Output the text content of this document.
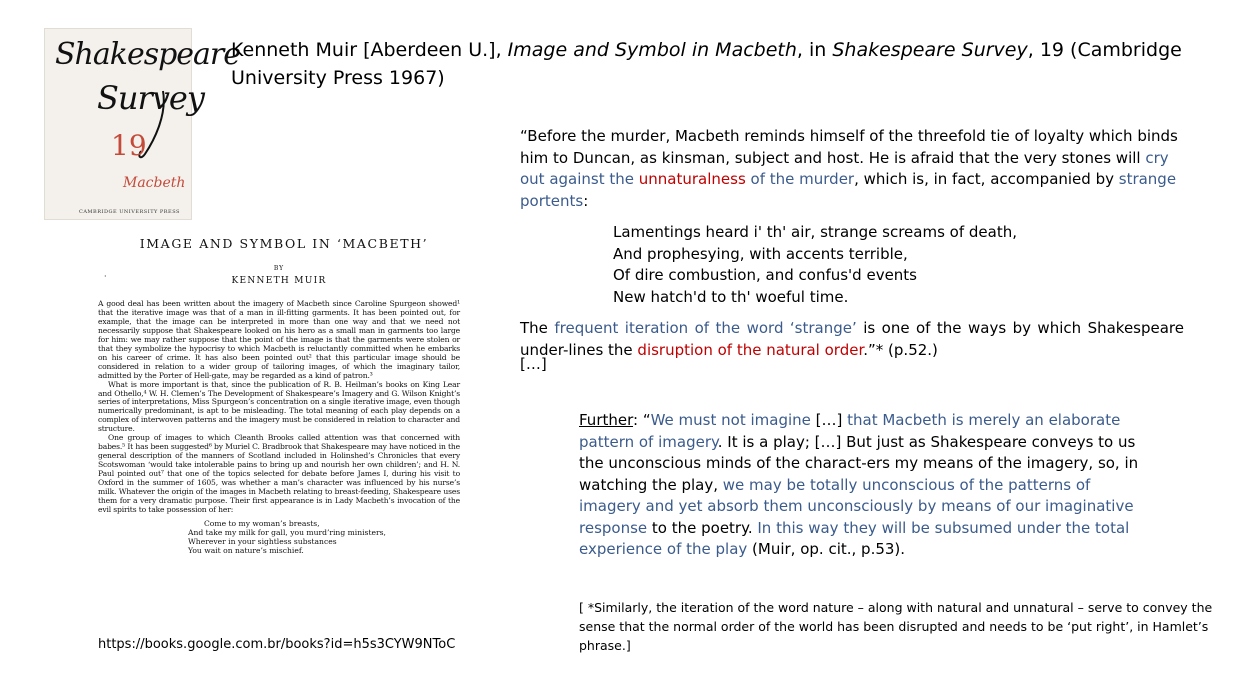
Shakespeare
Survey
19
Macbeth
CAMBRIDGE UNIVERSITY PRESS
Kenneth Muir [Aberdeen U.], Image and Symbol in Macbeth, in Shakespeare Survey, 19 (Cambridge University Press 1967)
IMAGE AND SYMBOL IN ‘MACBETH’
BY
KENNETH MUIR
·

A good deal has been written about the imagery of Macbeth since Caroline Spurgeon showed¹ that the iterative image was that of a man in ill-fitting garments. It has been pointed out, for example, that the image can be interpreted in more than one way and that we need not necessarily suppose that Shakespeare looked on his hero as a small man in garments too large for him: we may rather suppose that the point of the image is that the garments were stolen or that they symbolize the hypocrisy to which Macbeth is reluctantly committed when he embarks on his career of crime. It has also been pointed out² that this particular image should be considered in relation to a wider group of tailoring images, of which the imaginary tailor, admitted by the Porter of Hell-gate, may be regarded as a kind of patron.³

What is more important is that, since the publication of R. B. Heilman’s books on King Lear and Othello,⁴ W. H. Clemen’s The Development of Shakespeare’s Imagery and G. Wilson Knight’s series of interpretations, Miss Spurgeon’s concentration on a single iterative image, even though numerically predominant, is apt to be misleading. The total meaning of each play depends on a complex of interwoven patterns and the imagery must be considered in relation to character and structure.

One group of images to which Cleanth Brooks called attention was that concerned with babes.⁵ It has been suggested⁶ by Muriel C. Bradbrook that Shakespeare may have noticed in the general description of the manners of Scotland included in Holinshed’s Chronicles that every Scotswoman ‘would take intolerable pains to bring up and nourish her own children’; and H. N. Paul pointed out⁷ that one of the topics selected for debate before James I, during his visit to Oxford in the summer of 1605, was whether a man’s character was influenced by his nurse’s milk. Whatever the origin of the images in Macbeth relating to breast-feeding, Shakespeare uses them for a very dramatic purpose. Their first appearance is in Lady Macbeth’s invocation of the evil spirits to take possession of her:

Come to my woman’s breasts,
And take my milk for gall, you murd’ring ministers,
Wherever in your sightless substances
You wait on nature’s mischief.
https://books.google.com.br/books?id=h5s3CYW9NToC
“Before the murder, Macbeth reminds himself of the threefold tie of loyalty which binds him to Duncan, as kinsman, subject and host. He is afraid that the very stones will cry out against the unnaturalness of the murder, which is, in fact, accompanied by strange portents:
Lamentings heard i' th' air, strange screams of death,
And prophesying, with accents terrible,
Of dire combustion, and confus'd events
New hatch'd to th' woeful time.
The frequent iteration of the word ‘strange’ is one of the ways by which Shakespeare under-lines the disruption of the natural order.”* (p.52.)
[…]
Further: “We must not imagine […] that Macbeth is merely an elaborate pattern of imagery. It is a play; […] But just as Shakespeare conveys to us the unconscious minds of the charact-ers my means of the imagery, so, in watching the play, we may be totally unconscious of the patterns of imagery and yet absorb them unconsciously by means of our imaginative response to the poetry. In this way they will be subsumed under the total experience of the play (Muir, op. cit., p.53).
[ *Similarly, the iteration of the word nature – along with natural and unnatural – serve to convey the sense that the normal order of the world has been disrupted and needs to be ‘put right’, in Hamlet’s phrase.]
